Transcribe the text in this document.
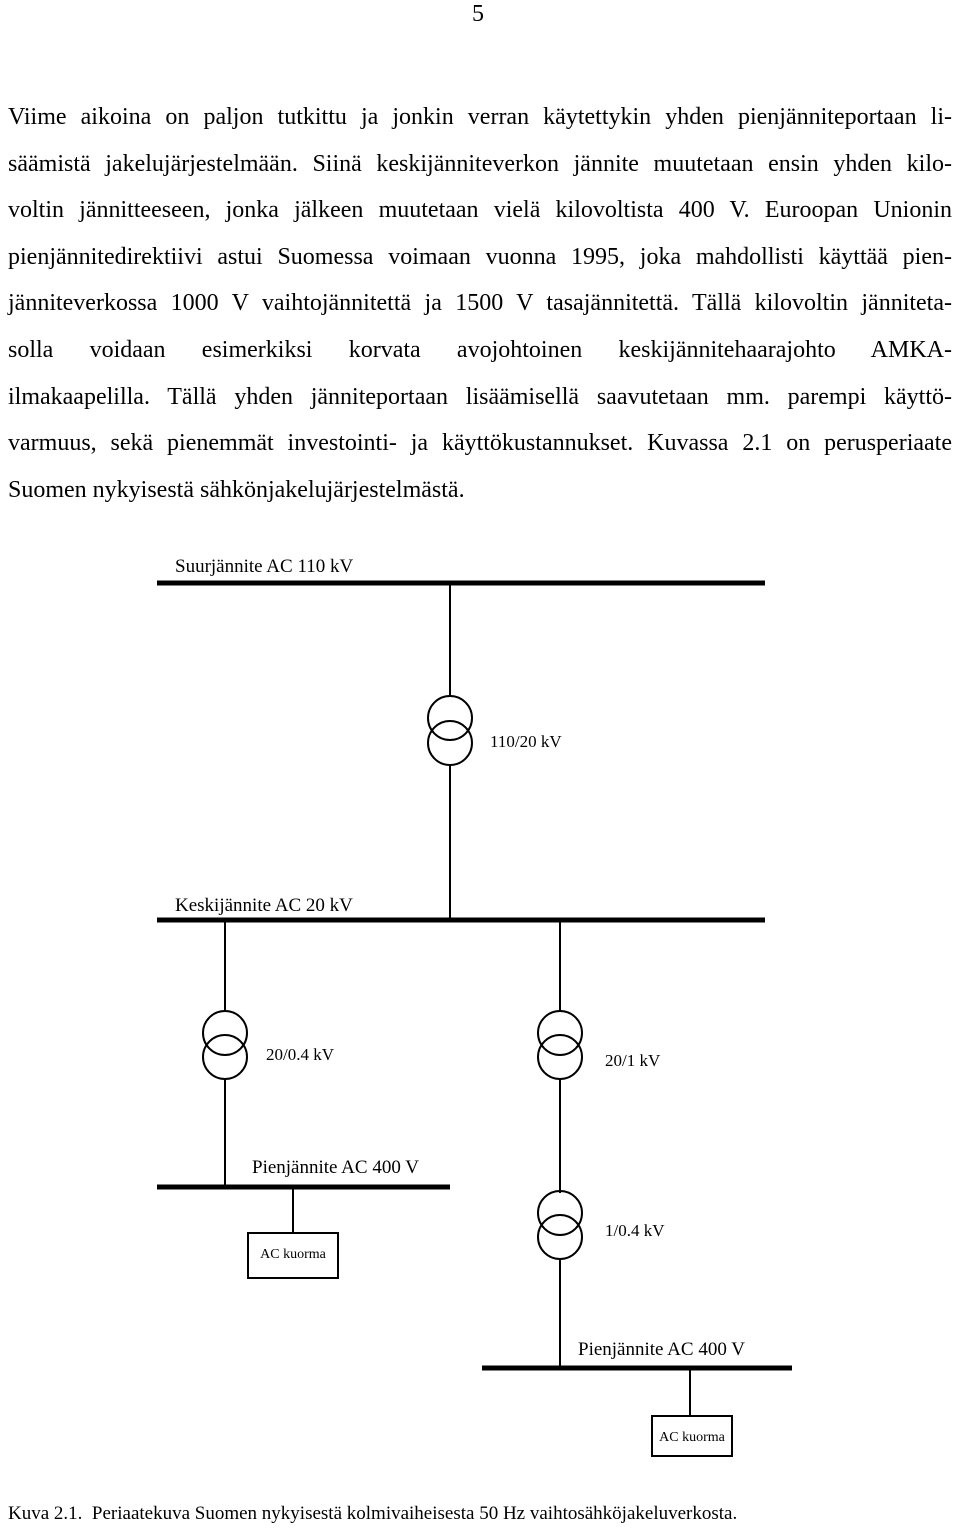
5

Viime aikoina on paljon tutkittu ja jonkin verran käytettykin yhden pienjänniteportaan li-
säämistä jakelujärjestelmään. Siinä keskijänniteverkon jännite muutetaan ensin yhden kilo-
voltin jännitteeseen, jonka jälkeen muutetaan vielä kilovoltista 400 V. Euroopan Unionin
pienjännitedirektiivi astui Suomessa voimaan vuonna 1995, joka mahdollisti käyttää pien-
jänniteverkossa 1000 V vaihtojännitettä ja 1500 V tasajännitettä. Tällä kilovoltin jännitetа-
solla voidaan esimerkiksi korvata avojohtoinen keskijännitehaarajohto AMKA-
ilmakaapelilla. Tällä yhden jänniteportaan lisäämisellä saavutetaan mm. parempi käyttö-
varmuus, sekä pienemmät investointi- ja käyttökustannukset. Kuvassa 2.1 on perusperiaate
Suomen nykyisestä sähkönjakelujärjestelmästä.

Suurjännite AC 110 kV
110/20 kV
Keskijännite AC 20 kV
20/0.4 kV	20/1 kV
Pienjännite AC 400 V
AC kuorma
1/0.4 kV
Pienjännite AC 400 V
AC kuorma
Kuva 2.1.  Periaatekuva Suomen nykyisestä kolmivaiheisesta 50 Hz vaihtosähköjakeluverkosta.
